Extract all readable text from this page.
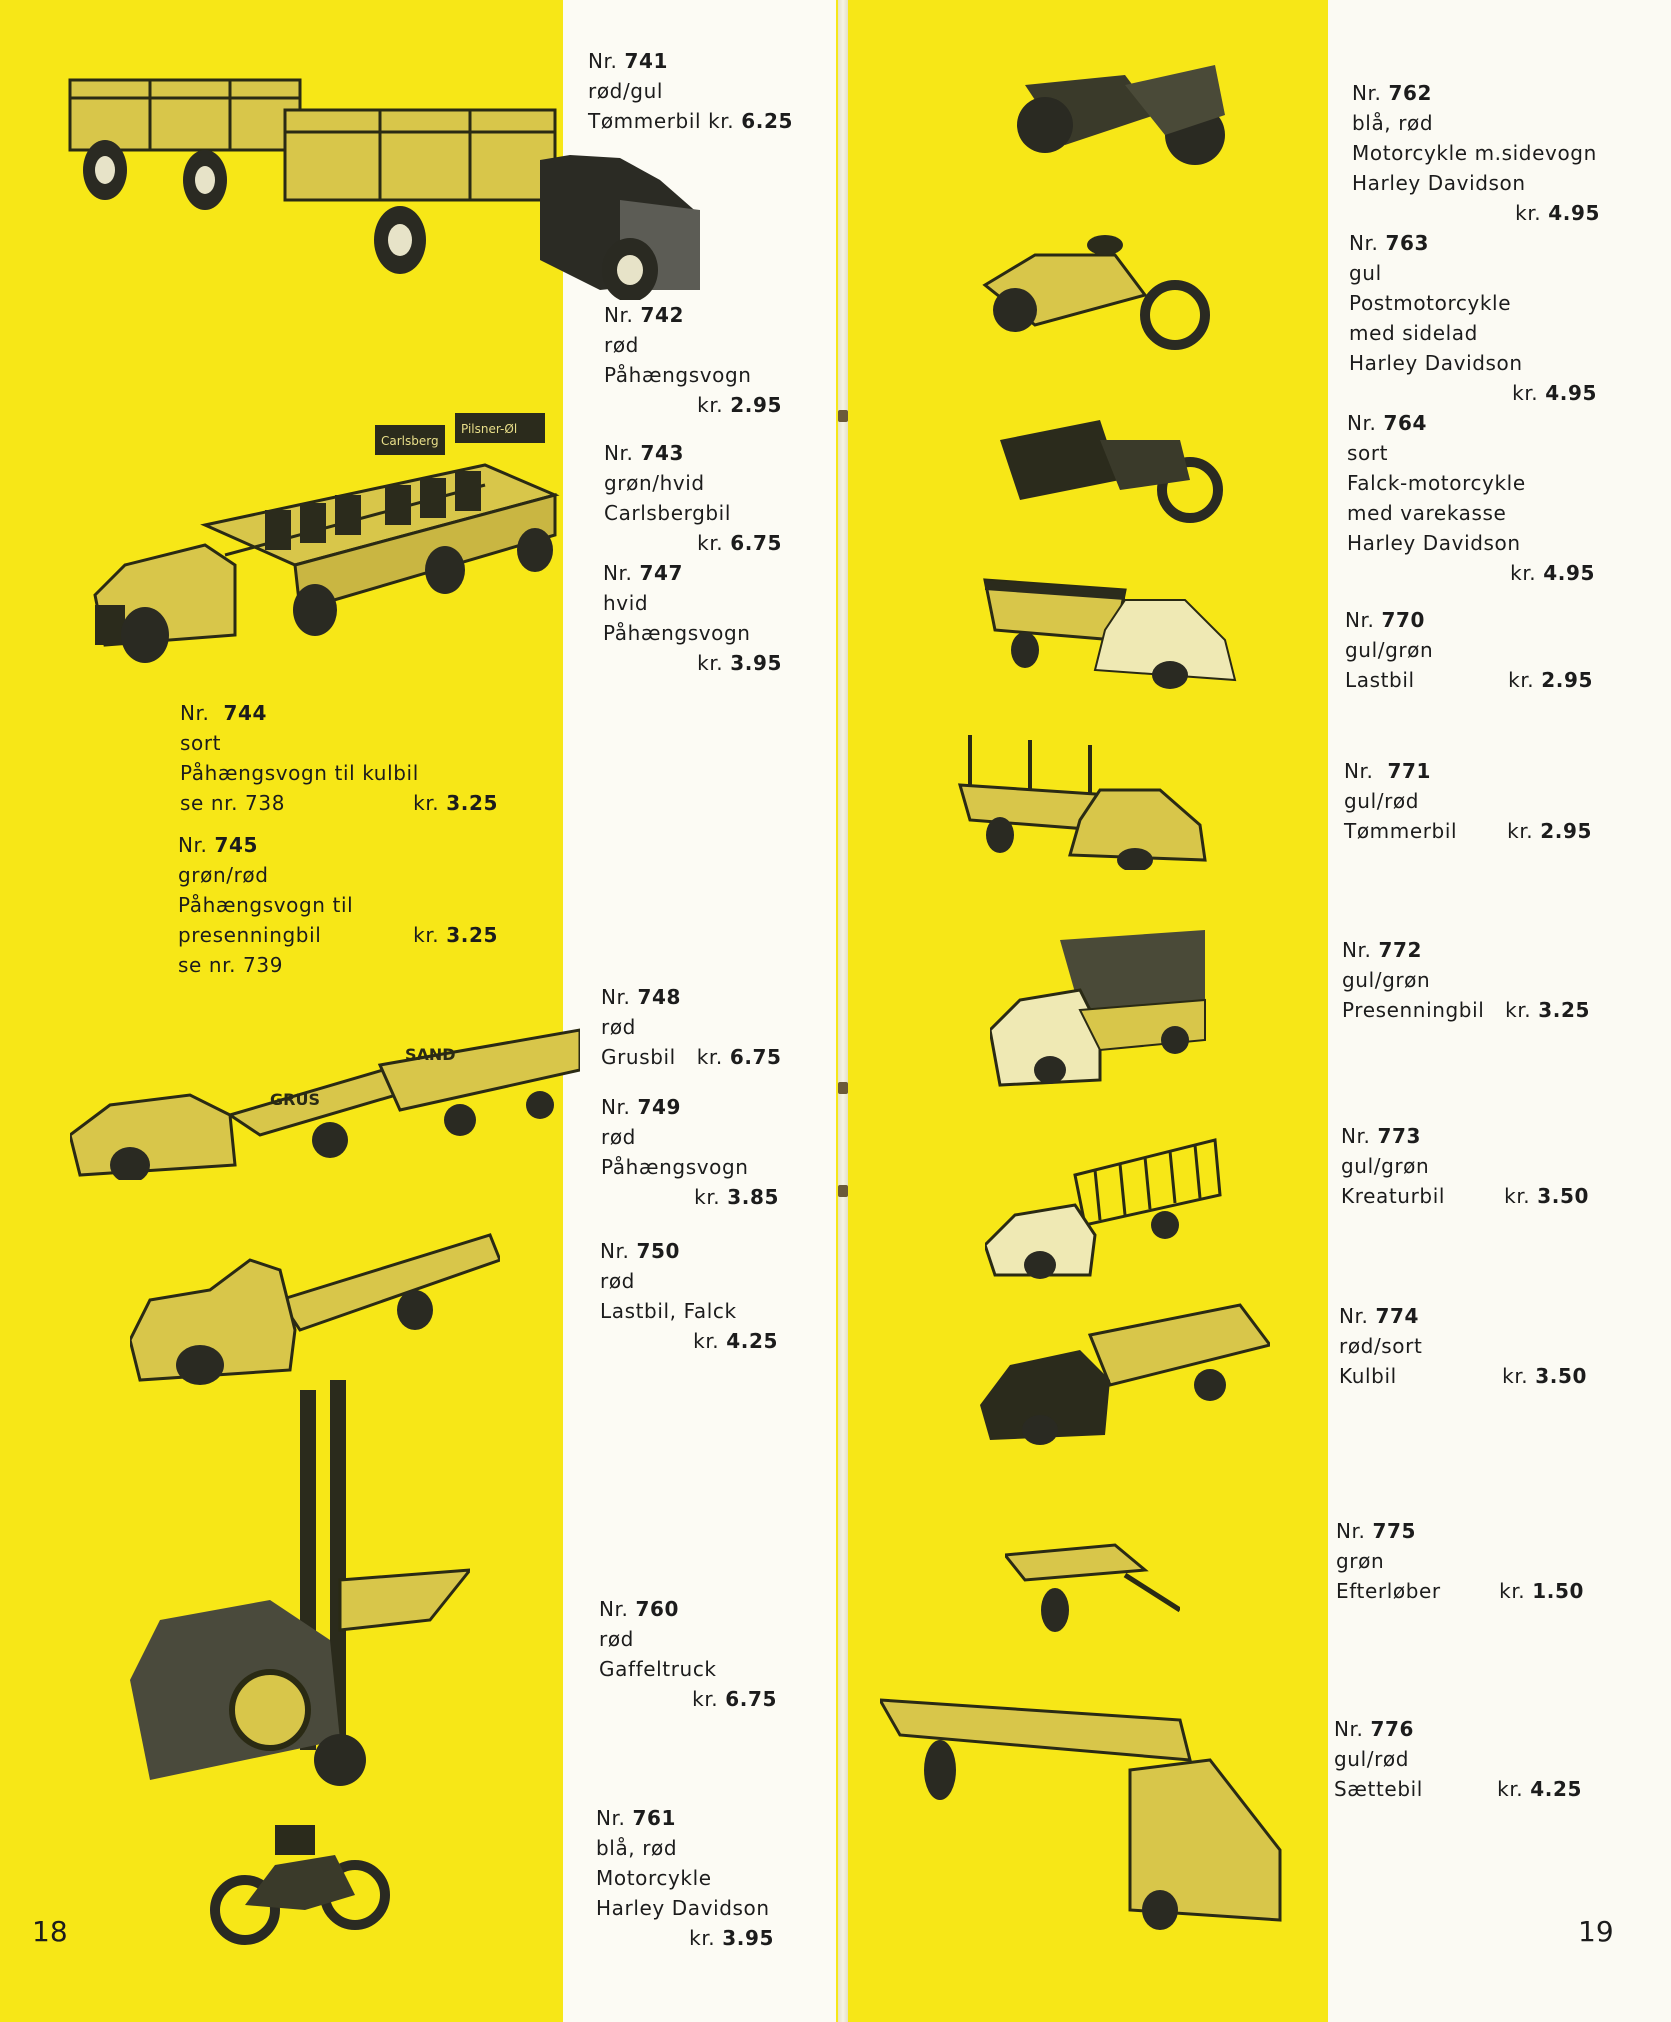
Carlsberg
Pilsner-Øl
SAND
GRUS
Nr. 741
rød/gul
Tømmerbil kr. 6.25
Nr. 742
rød
Påhængsvogn
kr. 2.95
Nr. 743
grøn/hvid
Carlsbergbil
kr. 6.75
Nr. 747
hvid
Påhængsvogn
kr. 3.95
Nr. 744
sort
Påhængsvogn til kulbil
se nr. 738	kr. 3.25
Nr. 745
grøn/rød
Påhængsvogn til
presenningbil	kr. 3.25
se nr. 739
Nr. 748
rød
Grusbil kr. 6.75
Nr. 749
rød
Påhængsvogn
kr. 3.85
Nr. 750
rød
Lastbil, Falck
kr. 4.25
Nr. 760
rød
Gaffeltruck
kr. 6.75
Nr. 761
blå, rød
Motorcykle
Harley Davidson
kr. 3.95
18
Nr. 762
blå, rød
Motorcykle m.sidevogn
Harley Davidson
kr. 4.95
Nr. 763
gul
Postmotorcykle
med sidelad
Harley Davidson
kr. 4.95
Nr. 764
sort
Falck-motorcykle
med varekasse
Harley Davidson
kr. 4.95
Nr. 770
gul/grøn
Lastbil	kr. 2.95
Nr. 771
gul/rød
Tømmerbil kr. 2.95
Nr. 772
gul/grøn
Presenningbil kr. 3.25
Nr. 773
gul/grøn
Kreaturbil	kr. 3.50
Nr. 774
rød/sort
Kulbil	kr. 3.50
Nr. 775
grøn
Efterløber	kr. 1.50
Nr. 776
gul/rød
Sættebil	kr. 4.25
19
